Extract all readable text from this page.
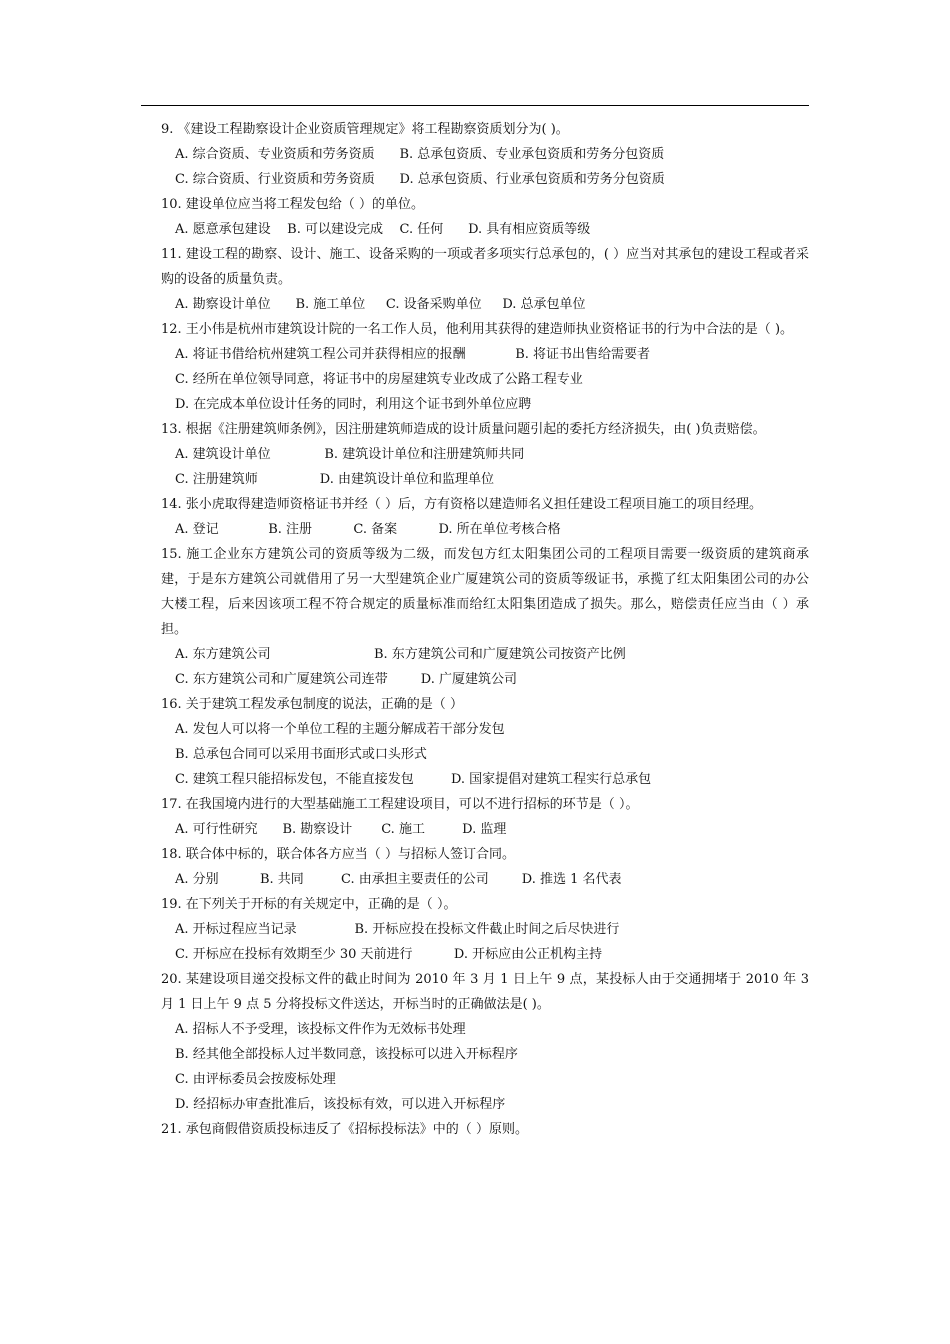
9. 《建设工程勘察设计企业资质管理规定》将工程勘察资质划分为( )。
A. 综合资质、专业资质和劳务资质      B. 总承包资质、专业承包资质和劳务分包资质
C. 综合资质、行业资质和劳务资质      D. 总承包资质、行业承包资质和劳务分包资质
10. 建设单位应当将工程发包给（ ）的单位。
A. 愿意承包建设    B. 可以建设完成    C. 任何      D. 具有相应资质等级
11. 建设工程的勘察、设计、施工、设备采购的一项或者多项实行总承包的，( ）应当对其承包的建设工程或者采购的设备的质量负责。
A. 勘察设计单位      B. 施工单位     C. 设备采购单位     D. 总承包单位
12. 王小伟是杭州市建筑设计院的一名工作人员，他利用其获得的建造师执业资格证书的行为中合法的是（ )。
A. 将证书借给杭州建筑工程公司并获得相应的报酬            B. 将证书出售给需要者
C. 经所在单位领导同意，将证书中的房屋建筑专业改成了公路工程专业
D. 在完成本单位设计任务的同时，利用这个证书到外单位应聘
13. 根据《注册建筑师条例》，因注册建筑师造成的设计质量问题引起的委托方经济损失，由( )负责赔偿。
A. 建筑设计单位             B. 建筑设计单位和注册建筑师共同
C. 注册建筑师               D. 由建筑设计单位和监理单位
14. 张小虎取得建造师资格证书并经（ ）后，方有资格以建造师名义担任建设工程项目施工的项目经理。
A. 登记            B. 注册          C. 备案          D. 所在单位考核合格
15. 施工企业东方建筑公司的资质等级为二级，而发包方红太阳集团公司的工程项目需要一级资质的建筑商承建，于是东方建筑公司就借用了另一大型建筑企业广厦建筑公司的资质等级证书，承揽了红太阳集团公司的办公大楼工程，后来因该项工程不符合规定的质量标准而给红太阳集团造成了损失。那么，赔偿责任应当由（ ）承担。
A. 东方建筑公司                         B. 东方建筑公司和广厦建筑公司按资产比例
C. 东方建筑公司和广厦建筑公司连带        D. 广厦建筑公司
16. 关于建筑工程发承包制度的说法，正确的是（ ）
A. 发包人可以将一个单位工程的主题分解成若干部分发包
B. 总承包合同可以采用书面形式或口头形式
C. 建筑工程只能招标发包，不能直接发包         D. 国家提倡对建筑工程实行总承包
17. 在我国境内进行的大型基础施工工程建设项目，可以不进行招标的环节是（ ）。
A. 可行性研究      B. 勘察设计       C. 施工         D. 监理
18. 联合体中标的，联合体各方应当（ ）与招标人签订合同。
A. 分别          B. 共同         C. 由承担主要责任的公司        D. 推选 1 名代表
19. 在下列关于开标的有关规定中，正确的是（ ）。
A. 开标过程应当记录              B. 开标应投在投标文件截止时间之后尽快进行
C. 开标应在投标有效期至少 30 天前进行          D. 开标应由公正机构主持
20. 某建设项目递交投标文件的截止时间为 2010 年 3 月 1 日上午 9 点，某投标人由于交通拥堵于 2010 年 3 月 1 日上午 9 点 5 分将投标文件送达，开标当时的正确做法是( )。
A. 招标人不予受理，该投标文件作为无效标书处理
B. 经其他全部投标人过半数同意，该投标可以进入开标程序
C. 由评标委员会按废标处理
D. 经招标办审查批准后，该投标有效，可以进入开标程序
21. 承包商假借资质投标违反了《招标投标法》中的（ ）原则。
